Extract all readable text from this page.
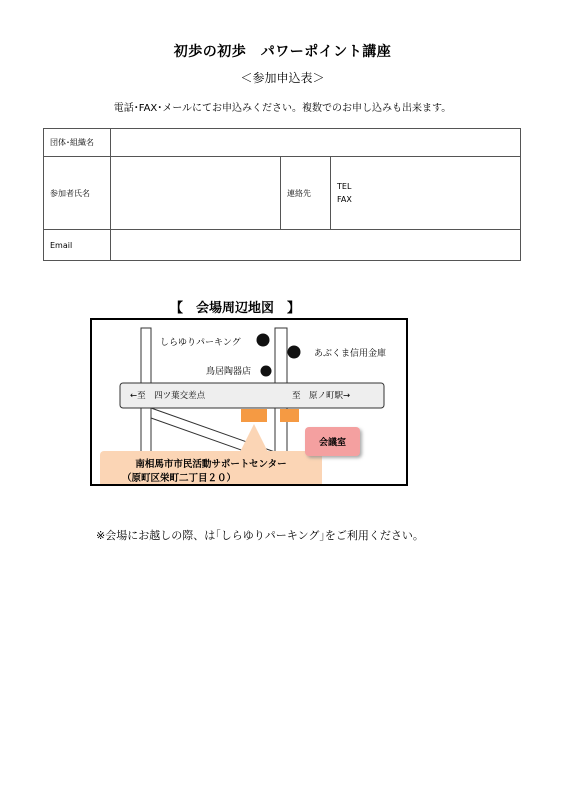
初歩の初歩　パワーポイント講座
＜参加申込表＞
電話･FAX･メールにてお申込みください。複数でのお申し込みも出来ます。
団体･組織名			
参加者氏名		連絡先	TEL
FAX

Email			
【　会場周辺地図　】
しらゆりパーキング
あぶくま信用金庫
鳥居陶器店
←至　四ツ葉交差点	至　原ノ町駅→
会議室
南相馬市市民活動サポートセンター
（原町区栄町二丁目２０）
※会場にお越しの際、は｢しらゆりパーキング｣をご利用ください。
